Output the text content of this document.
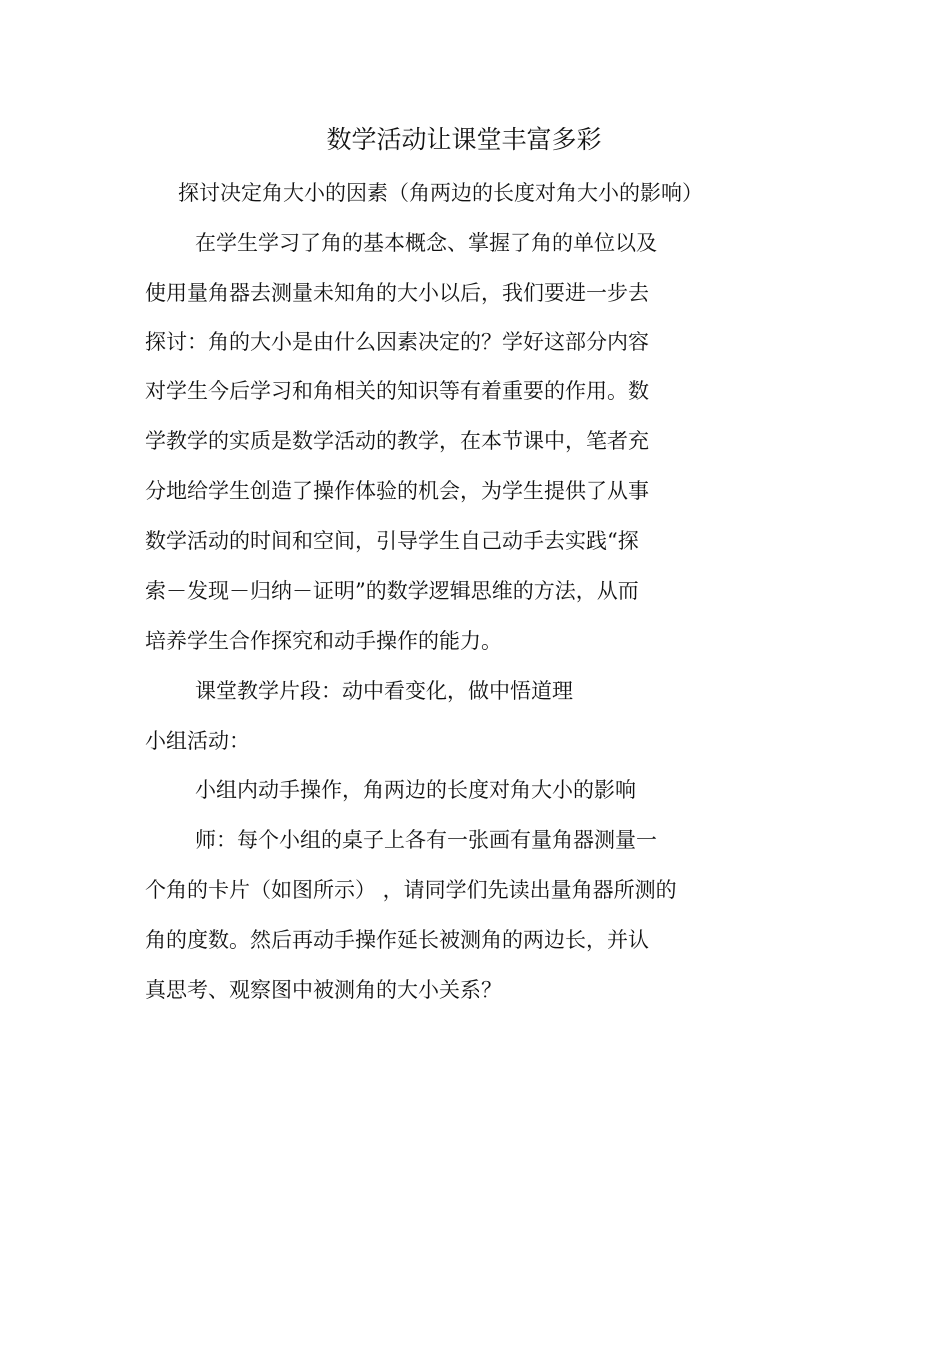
数学活动让课堂丰富多彩
探讨决定角大小的因素（角两边的长度对角大小的影响）
在学生学习了角的基本概念、掌握了角的单位以及
使用量角器去测量未知角的大小以后，我们要进一步去
探讨：角的大小是由什么因素决定的？学好这部分内容
对学生今后学习和角相关的知识等有着重要的作用。数
学教学的实质是数学活动的教学，在本节课中，笔者充
分地给学生创造了操作体验的机会，为学生提供了从事
数学活动的时间和空间，引导学生自己动手去实践“探
索－发现－归纳－证明”的数学逻辑思维的方法，从而
培养学生合作探究和动手操作的能力。
课堂教学片段：动中看变化，做中悟道理
小组活动：
小组内动手操作，角两边的长度对角大小的影响
师：每个小组的桌子上各有一张画有量角器测量一
个角的卡片（如图所示） ，请同学们先读出量角器所测的
角的度数。然后再动手操作延长被测角的两边长，并认
真思考、观察图中被测角的大小关系？
